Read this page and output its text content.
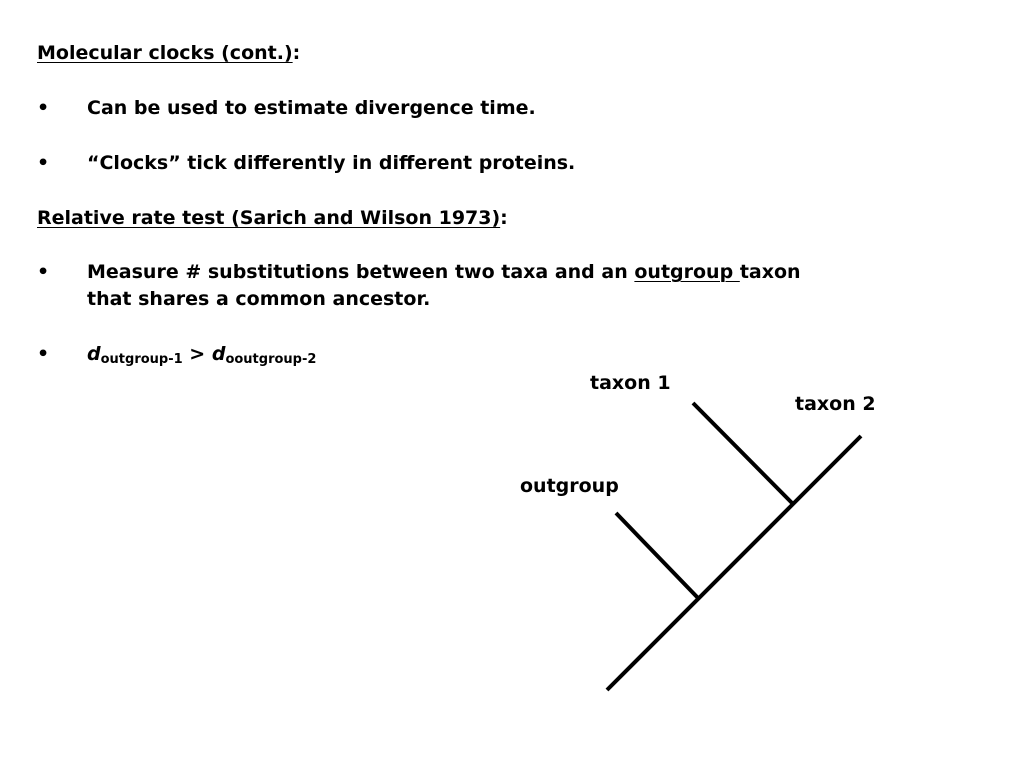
Molecular clocks (cont.):
•	Can be used to estimate divergence time.
•	“Clocks” tick differently in different proteins.
Relative rate test (Sarich and Wilson 1973):
•	Measure # substitutions between two taxa and an outgroup taxon
that shares a common ancestor.
•	$d_{outgroup-1} > d_{ooutgroup-2}$
taxon 1
taxon 2
outgroup
